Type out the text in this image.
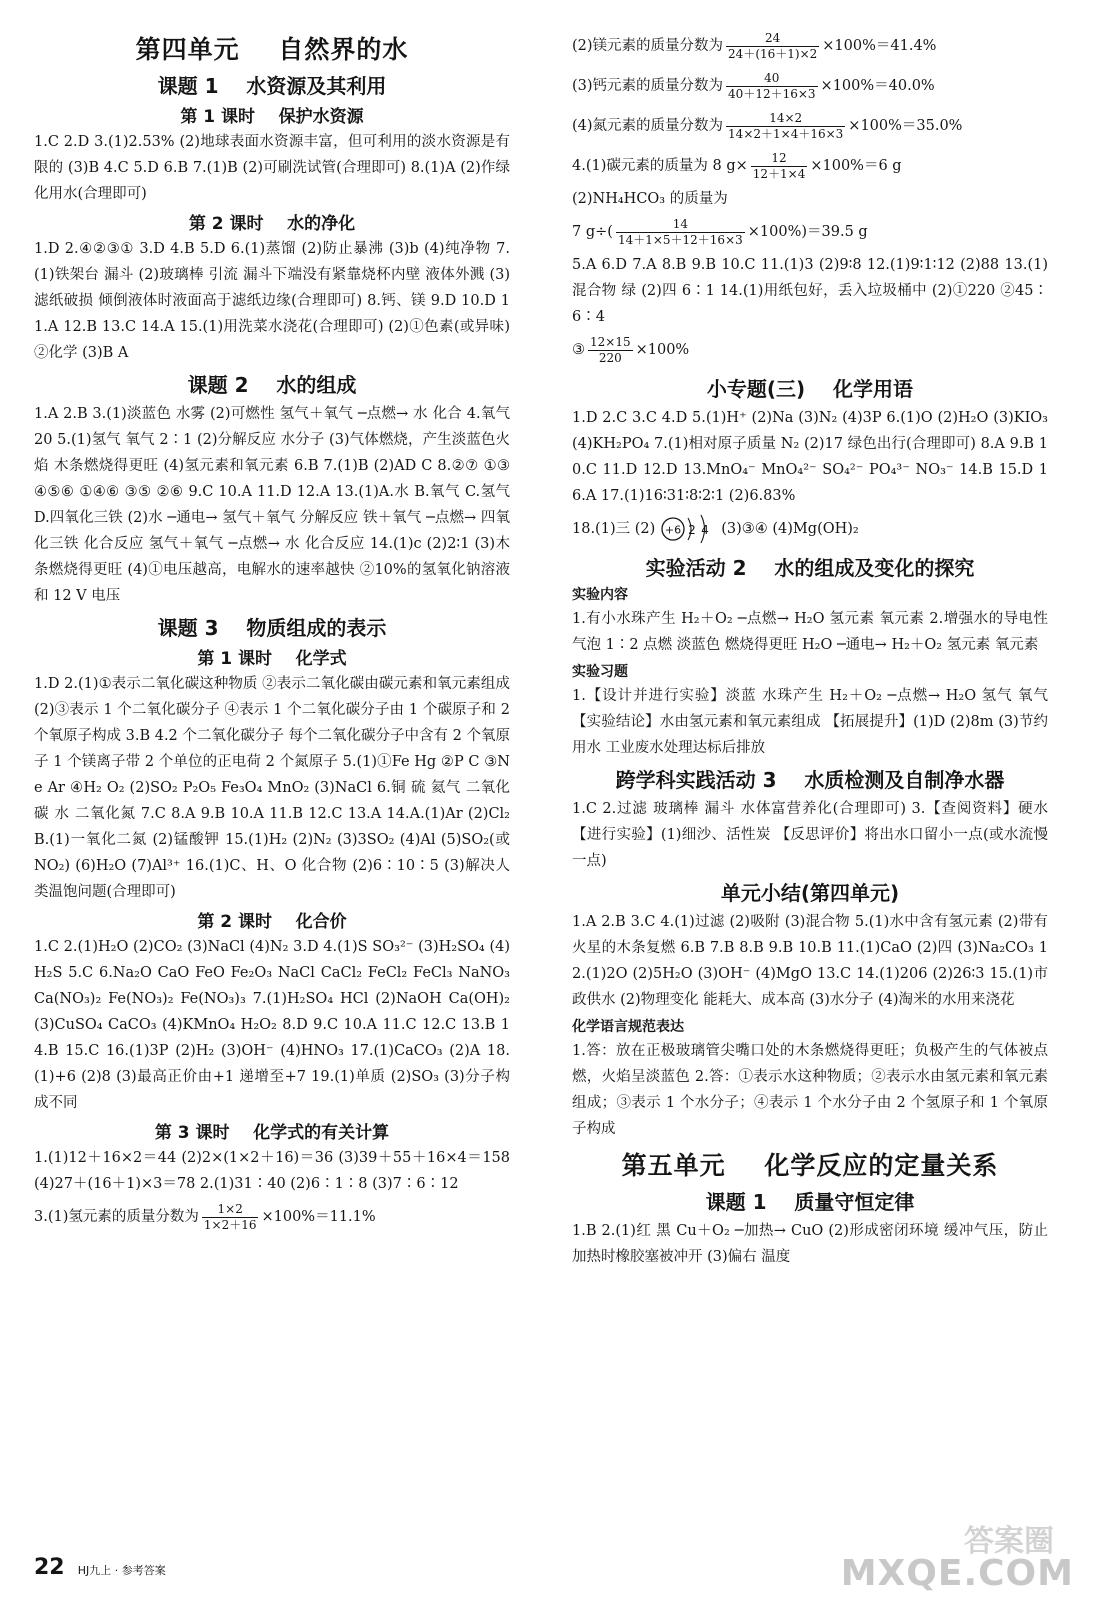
第四单元    自然界的水
课题 1    水资源及其利用
第 1 课时    保护水资源
1.C 2.D 3.(1)2.53% (2)地球表面水资源丰富，但可利用的淡水资源是有限的 (3)B 4.C 5.D 6.B 7.(1)B (2)可刷洗试管(合理即可) 8.(1)A (2)作绿化用水(合理即可)
第 2 课时    水的净化
1.D 2.④②③① 3.D 4.B 5.D 6.(1)蒸馏 (2)防止暴沸 (3)b (4)纯净物 7.(1)铁架台 漏斗 (2)玻璃棒 引流 漏斗下端没有紧靠烧杯内壁 液体外溅 (3)滤纸破损 倾倒液体时液面高于滤纸边缘(合理即可) 8.钙、镁 9.D 10.D 11.A 12.B 13.C 14.A 15.(1)用洗菜水浇花(合理即可) (2)①色素(或异味) ②化学 (3)B A
课题 2    水的组成
1.A 2.B 3.(1)淡蓝色 水雾 (2)可燃性 氢气＋氧气 ─点燃→ 水 化合 4.氧气 20 5.(1)氢气 氧气 2∶1 (2)分解反应 水分子 (3)气体燃烧，产生淡蓝色火焰 木条燃烧得更旺 (4)氢元素和氧元素 6.B 7.(1)B (2)AD C 8.②⑦ ①③④⑤⑥ ①④⑥ ③⑤ ②⑥ 9.C 10.A 11.D 12.A 13.(1)A.水 B.氧气 C.氢气 D.四氧化三铁 (2)水 ─通电→ 氢气＋氧气 分解反应 铁＋氧气 ─点燃→ 四氧化三铁 化合反应 氢气＋氧气 ─点燃→ 水 化合反应 14.(1)c (2)2∶1 (3)木条燃烧得更旺 (4)①电压越高，电解水的速率越快 ②10%的氢氧化钠溶液和 12 V 电压
课题 3    物质组成的表示
第 1 课时    化学式
1.D 2.(1)①表示二氧化碳这种物质 ②表示二氧化碳由碳元素和氧元素组成 (2)③表示 1 个二氧化碳分子 ④表示 1 个二氧化碳分子由 1 个碳原子和 2 个氧原子构成 3.B 4.2 个二氧化碳分子 每个二氧化碳分子中含有 2 个氧原子 1 个镁离子带 2 个单位的正电荷 2 个氮原子 5.(1)①Fe Hg ②P C ③Ne Ar ④H₂ O₂ (2)SO₂ P₂O₅ Fe₃O₄ MnO₂ (3)NaCl 6.铜 硫 氦气 二氧化碳 水 二氧化氮 7.C 8.A 9.B 10.A 11.B 12.C 13.A 14.A.(1)Ar (2)Cl₂ B.(1)一氧化二氮 (2)锰酸钾 15.(1)H₂ (2)N₂ (3)3SO₂ (4)Al (5)SO₂(或 NO₂) (6)H₂O (7)Al³⁺ 16.(1)C、H、O 化合物 (2)6∶10∶5 (3)解决人类温饱问题(合理即可)
第 2 课时    化合价
1.C 2.(1)H₂O (2)CO₂ (3)NaCl (4)N₂ 3.D 4.(1)S SO₃²⁻ (3)H₂SO₄ (4)H₂S 5.C 6.Na₂O CaO FeO Fe₂O₃ NaCl CaCl₂ FeCl₂ FeCl₃ NaNO₃ Ca(NO₃)₂ Fe(NO₃)₂ Fe(NO₃)₃ 7.(1)H₂SO₄ HCl (2)NaOH Ca(OH)₂ (3)CuSO₄ CaCO₃ (4)KMnO₄ H₂O₂ 8.D 9.C 10.A 11.C 12.C 13.B 14.B 15.C 16.(1)3P (2)H₂ (3)OH⁻ (4)HNO₃ 17.(1)CaCO₃ (2)A 18.(1)+6 (2)8 (3)最高正价由+1 递增至+7 19.(1)单质 (2)SO₃ (3)分子构成不同
第 3 课时    化学式的有关计算
1.(1)12＋16×2＝44 (2)2×(1×2＋16)＝36 (3)39＋55＋16×4＝158 (4)27＋(16＋1)×3＝78 2.(1)31∶40 (2)6∶1∶8 (3)7∶6∶12
3.(1)氢元素的质量分数为 $\frac{1\times 2}{1\times 2+16} \times 100\%=11.1\%$
(2)镁元素的质量分数为 $\frac{24}{24+(16+1)\times 2} \times 100\%=41.4\%$
(3)钙元素的质量分数为 $\frac{40}{40+12+16\times 3} \times 100\%=40.0\%$
(4)氮元素的质量分数为 $\frac{14\times 2}{14\times 2+1\times 4+16\times 3} \times 100\%=35.0\%$
4.(1)碳元素的质量为 8 $g\times \frac{12}{12+1\times 4} \times 100\%=6$ g
(2)NH₄HCO₃ 的质量为
7 $g\div( \frac{14}{14+1\times 5+12+16\times 3} \times 100\%)=39.5$ g
5.A 6.D 7.A 8.B 9.B 10.C 11.(1)3 (2)9∶8 12.(1)9∶1∶12 (2)88 13.(1)混合物 绿 (2)四 6∶1 14.(1)用纸包好，丢入垃圾桶中 (2)①220 ②45∶6∶4
③ $\frac{12\times 15}{220} \times 100\%$
小专题(三)    化学用语
1.D 2.C 3.C 4.D 5.(1)H⁺ (2)Na (3)N₂ (4)3P 6.(1)O (2)H₂O (3)KIO₃ (4)KH₂PO₄ 7.(1)相对原子质量 N₂ (2)17 绿色出行(合理即可) 8.A 9.B 10.C 11.D 12.D 13.MnO₄⁻ MnO₄²⁻ SO₄²⁻ PO₄³⁻ NO₃⁻ 14.B 15.D 16.A 17.(1)16∶31∶8∶2∶1 (2)6.83%
18.(1)三 (2) +6 2 4 (3)③④ (4)Mg(OH)₂
实验活动 2    水的组成及变化的探究
实验内容
1.有小水珠产生 H₂＋O₂ ─点燃→ H₂O 氢元素 氧元素 2.增强水的导电性 气泡 1∶2 点燃 淡蓝色 燃烧得更旺 H₂O ─通电→ H₂＋O₂ 氢元素 氧元素
实验习题
1.【设计并进行实验】淡蓝 水珠产生 H₂＋O₂ ─点燃→ H₂O 氢气 氧气 【实验结论】水由氢元素和氧元素组成 【拓展提升】(1)D (2)8m (3)节约用水 工业废水处理达标后排放
跨学科实践活动 3    水质检测及自制净水器
1.C 2.过滤 玻璃棒 漏斗 水体富营养化(合理即可) 3.【查阅资料】硬水 【进行实验】(1)细沙、活性炭 【反思评价】将出水口留小一点(或水流慢一点)
单元小结(第四单元)
1.A 2.B 3.C 4.(1)过滤 (2)吸附 (3)混合物 5.(1)水中含有氢元素 (2)带有火星的木条复燃 6.B 7.B 8.B 9.B 10.B 11.(1)CaO (2)四 (3)Na₂CO₃ 12.(1)2O (2)5H₂O (3)OH⁻ (4)MgO 13.C 14.(1)206 (2)26∶3 15.(1)市政供水 (2)物理变化 能耗大、成本高 (3)水分子 (4)淘米的水用来浇花
化学语言规范表达
1.答：放在正极玻璃管尖嘴口处的木条燃烧得更旺；负极产生的气体被点燃，火焰呈淡蓝色 2.答：①表示水这种物质；②表示水由氢元素和氧元素组成；③表示 1 个水分子；④表示 1 个水分子由 2 个氢原子和 1 个氧原子构成
第五单元    化学反应的定量关系
课题 1    质量守恒定律
1.B 2.(1)红 黑 Cu＋O₂ ─加热→ CuO (2)形成密闭环境 缓冲气压，防止加热时橡胶塞被冲开 (3)偏右 温度
22 HJ九上 · 参考答案
答案圈
MXQE.COM
